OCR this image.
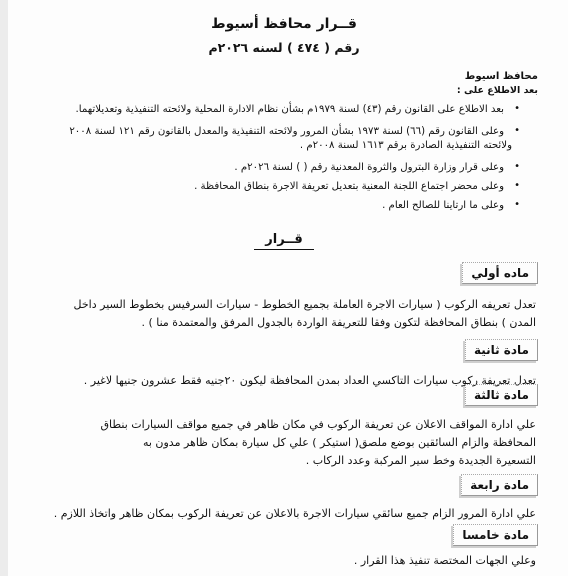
قــرار محافظ أسيوط
رقم ( ٤٧٤ ) لسنه ٢٠٢٦م
محافظ اسيوط
بعد الاطلاع على :
•
بعد الاطلاع على القانون رقم (٤٣) لسنة ١٩٧٩م بشأن نظام الادارة المحلية ولائحته التنفيذية وتعديلاتهما.
•
وعلى القانون رقم (٦٦) لسنة ١٩٧٣ بشأن المرور ولائحته التنفيذية والمعدل بالقانون رقم ١٢١ لسنة ٢٠٠٨
ولائحته التنفيذية الصادرة برقم ١٦١٣ لسنة ٢٠٠٨م .
•
وعلى قرار وزارة البترول والثروة المعدنية رقم ( ) لسنة ٢٠٢٦م .
•
وعلى محضر اجتماع اللجنة المعنية بتعديل تعريفة الاجرة بنطاق المحافظة .
•
وعلى ما ارتاينا للصالح العام .
قــرار
ماده أولي
تعدل تعريفه الركوب ( سيارات الاجرة العاملة بجميع الخطوط - سيارات السرفيس بخطوط السير داخل
المدن ) بنطاق المحافظة لتكون وفقا للتعريفة الواردة بالجدول المرفق والمعتمدة منا ) .
مادة ثانية
تعدل تعريفة ركوب سيارات التاكسي العداد بمدن المحافظة ليكون ٢٠جنيه فقط عشرون جنيها لاغير .
مادة ثالثة
علي ادارة المواقف الاعلان عن تعريفة الركوب في مكان ظاهر في جميع مواقف السيارات بنطاق
المحافظة والزام السائقين بوضع ملصق( استيكر ) علي كل سيارة بمكان ظاهر مدون به
التسعيرة الجديدة وخط سير المركبة وعدد الركاب .
مادة رابعة
علي ادارة المرور الزام جميع سائقي سيارات الاجرة بالاعلان عن تعريفة الركوب بمكان ظاهر واتخاذ اللازم .
مادة خامسا
وعلي الجهات المختصة تنفيذ هذا القرار .
